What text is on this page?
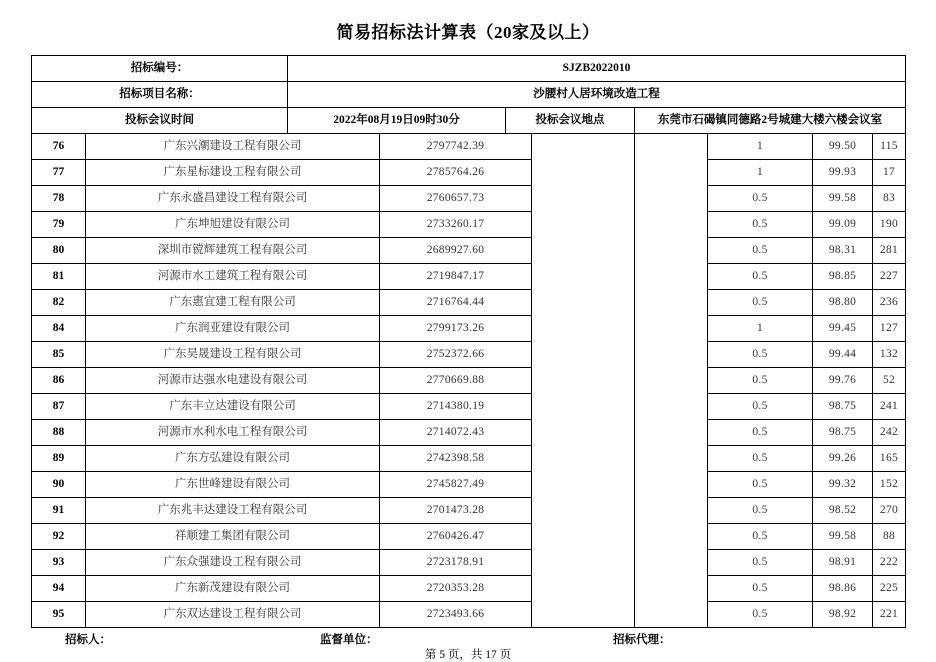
简易招标法计算表（20家及以上）
招标编号：		SJZB2022010							
招标项目名称：		沙腰村人居环境改造工程							
投标会议时间		2022年08月19日09时30分		投标会议地点		东莞市石碣镇同德路2号城建大楼六楼会议室			
76	广东兴潮建设工程有限公司		2797742.39				1	99.50	115
77	广东星标建设工程有限公司		2785764.26				1	99.93	17
78	广东永盛昌建设工程有限公司		2760657.73				0.5	99.58	83
79	广东坤旭建设有限公司		2733260.17				0.5	99.09	190
80	深圳市镋辉建筑工程有限公司		2689927.60				0.5	98.31	281
81	河源市水工建筑工程有限公司		2719847.17				0.5	98.85	227
82	广东惠宜建工程有限公司		2716764.44				0.5	98.80	236
84	广东润亚建设有限公司		2799173.26				1	99.45	127
85	广东昊晟建设工程有限公司		2752372.66				0.5	99.44	132
86	河源市达强水电建设有限公司		2770669.88				0.5	99.76	52
87	广东丰立达建设有限公司		2714380.19				0.5	98.75	241
88	河源市水利水电工程有限公司		2714072.43				0.5	98.75	242
89	广东方弘建设有限公司		2742398.58				0.5	99.26	165
90	广东世峰建设有限公司		2745827.49				0.5	99.32	152
91	广东兆丰达建设工程有限公司		2701473.28				0.5	98.52	270
92	祥顺建工集团有限公司		2760426.47				0.5	99.58	88
93	广东众强建设工程有限公司		2723178.91				0.5	98.91	222
94	广东新茂建设有限公司		2720353.28				0.5	98.86	225
95	广东双达建设工程有限公司		2723493.66				0.5	98.92	221
招标人：	监督单位：	招标代理：
第 5 页，共 17 页
